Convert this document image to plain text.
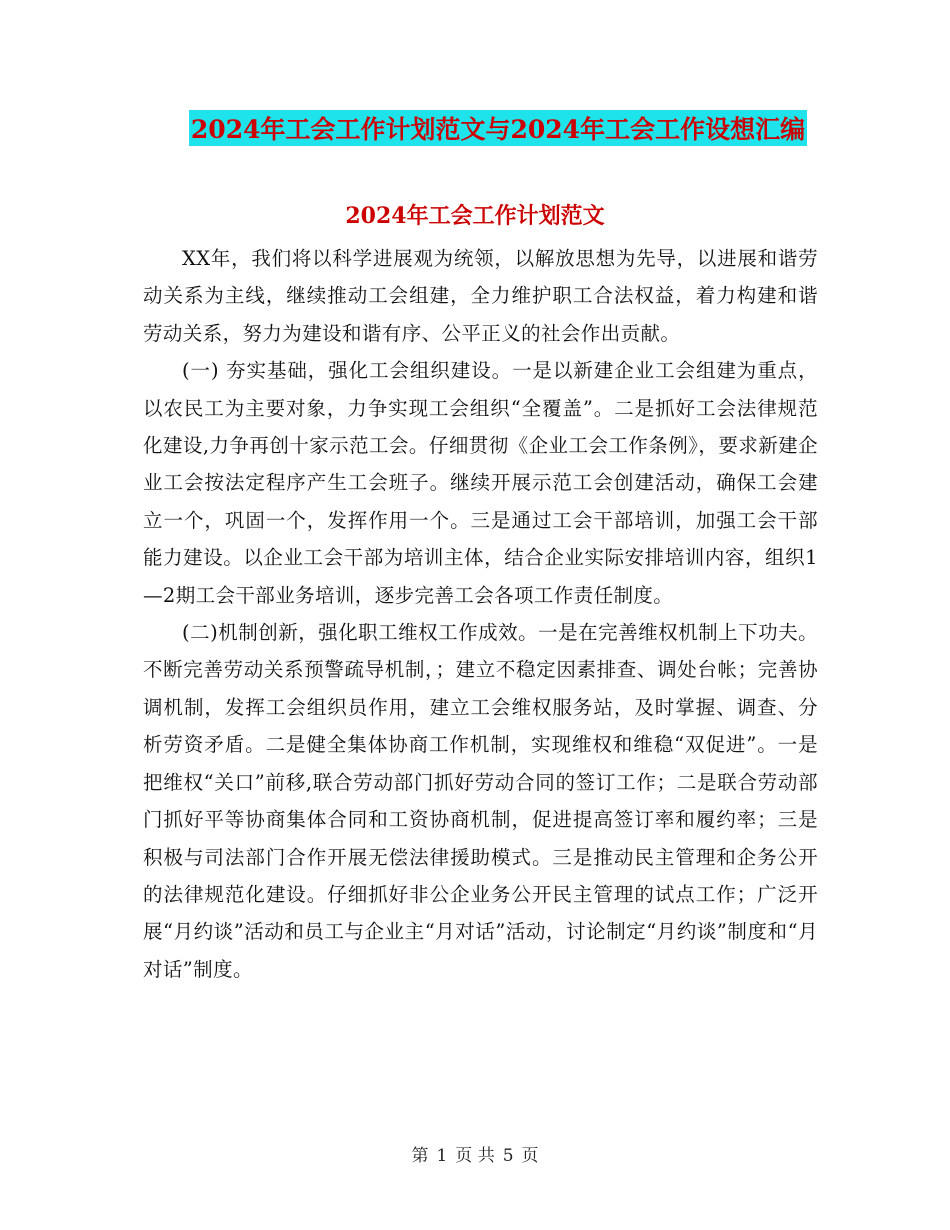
2024年工会工作计划范文与2024年工会工作设想汇编
2024年工会工作计划范文

XX年，我们将以科学进展观为统领，以解放思想为先导，以进展和谐劳动关系为主线，继续推动工会组建，全力维护职工合法权益，着力构建和谐劳动关系，努力为建设和谐有序、公平正义的社会作出贡献。

(一) 夯实基础，强化工会组织建设。一是以新建企业工会组建为重点，以农民工为主要对象，力争实现工会组织“全覆盖”。二是抓好工会法律规范化建设,力争再创十家示范工会。仔细贯彻《企业工会工作条例》，要求新建企业工会按法定程序产生工会班子。继续开展示范工会创建活动，确保工会建立一个，巩固一个，发挥作用一个。三是通过工会干部培训，加强工会干部能力建设。以企业工会干部为培训主体，结合企业实际安排培训内容，组织1—2期工会干部业务培训，逐步完善工会各项工作责任制度。

(二)机制创新，强化职工维权工作成效。一是在完善维权机制上下功夫。不断完善劳动关系预警疏导机制，；建立不稳定因素排查、调处台帐；完善协调机制，发挥工会组织员作用，建立工会维权服务站，及时掌握、调查、分析劳资矛盾。二是健全集体协商工作机制，实现维权和维稳“双促进”。一是把维权“关口”前移,联合劳动部门抓好劳动合同的签订工作；二是联合劳动部门抓好平等协商集体合同和工资协商机制，促进提高签订率和履约率；三是积极与司法部门合作开展无偿法律援助模式。三是推动民主管理和企务公开的法律规范化建设。仔细抓好非公企业务公开民主管理的试点工作；广泛开展“月约谈”活动和员工与企业主“月对话”活动，讨论制定“月约谈”制度和“月对话”制度。

第 1 页 共 5 页
